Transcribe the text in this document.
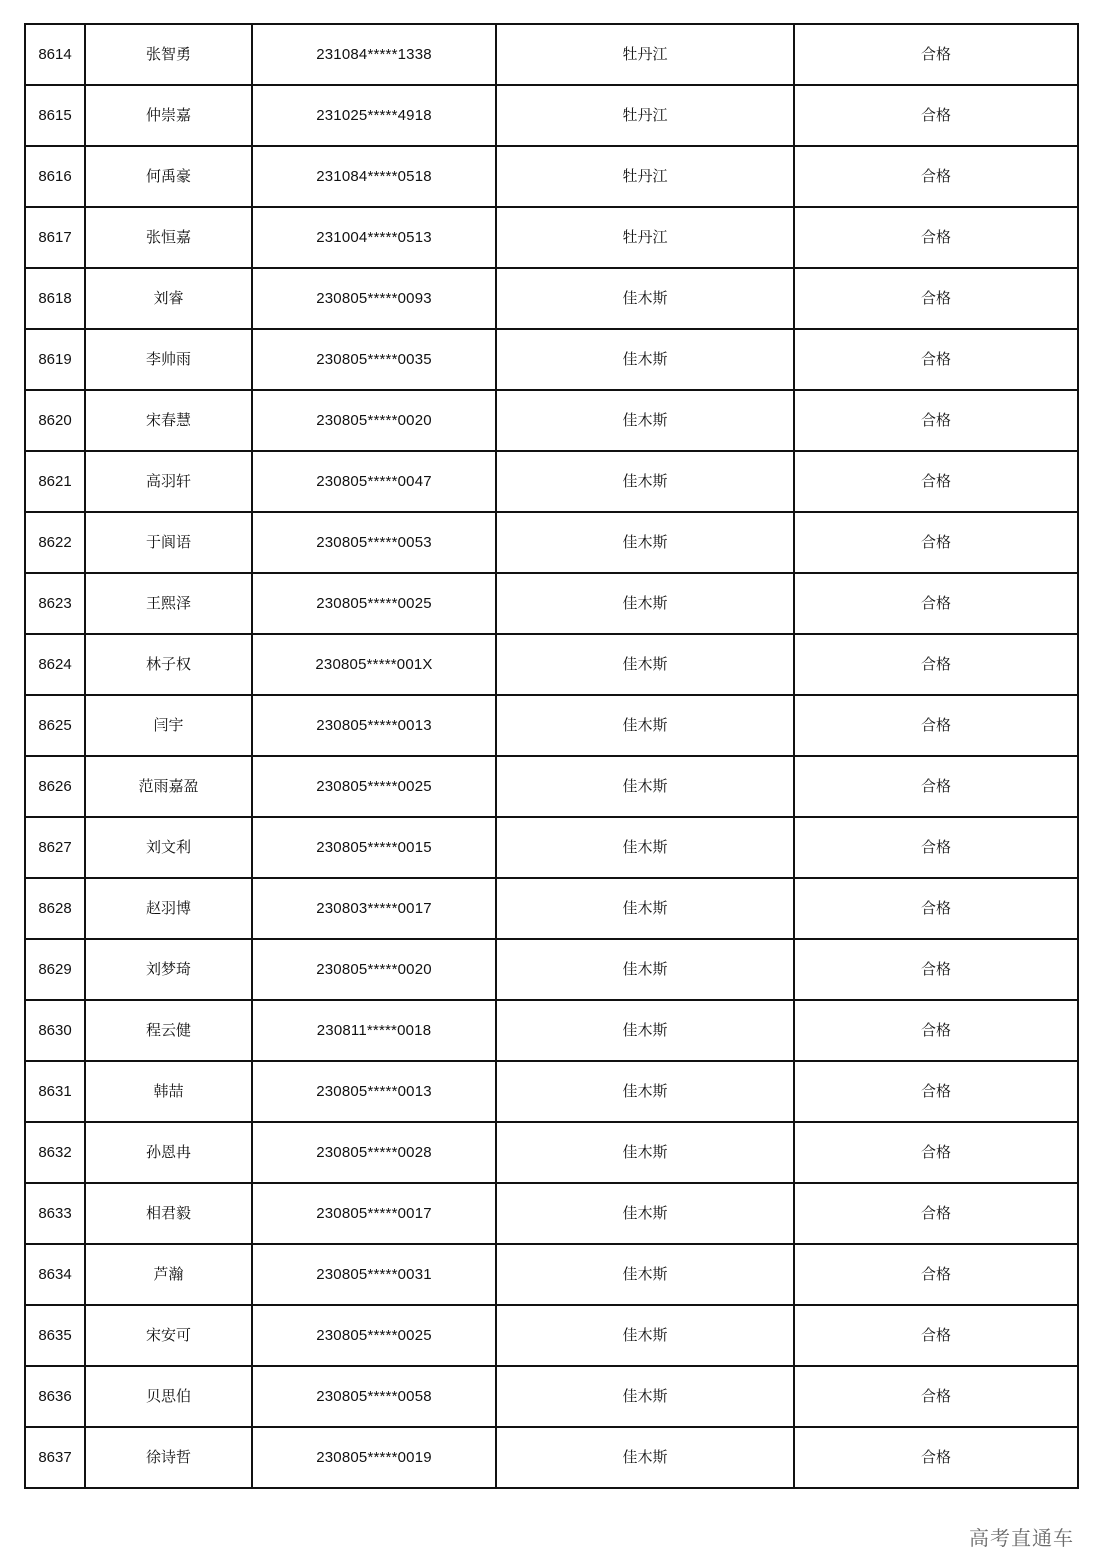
8614	张智勇	231084*****1338	牡丹江	合格
8615	仲崇嘉	231025*****4918	牡丹江	合格
8616	何禹豪	231084*****0518	牡丹江	合格
8617	张恒嘉	231004*****0513	牡丹江	合格
8618	刘睿	230805*****0093	佳木斯	合格
8619	李帅雨	230805*****0035	佳木斯	合格
8620	宋春慧	230805*****0020	佳木斯	合格
8621	高羽轩	230805*****0047	佳木斯	合格
8622	于阆语	230805*****0053	佳木斯	合格
8623	王熙泽	230805*****0025	佳木斯	合格
8624	林子权	230805*****001X	佳木斯	合格
8625	闫宇	230805*****0013	佳木斯	合格
8626	范雨嘉盈	230805*****0025	佳木斯	合格
8627	刘文利	230805*****0015	佳木斯	合格
8628	赵羽博	230803*****0017	佳木斯	合格
8629	刘梦琦	230805*****0020	佳木斯	合格
8630	程云健	230811*****0018	佳木斯	合格
8631	韩喆	230805*****0013	佳木斯	合格
8632	孙恩冉	230805*****0028	佳木斯	合格
8633	相君毅	230805*****0017	佳木斯	合格
8634	芦瀚	230805*****0031	佳木斯	合格
8635	宋安可	230805*****0025	佳木斯	合格
8636	贝思伯	230805*****0058	佳木斯	合格
8637	徐诗哲	230805*****0019	佳木斯	合格
高考直通车
